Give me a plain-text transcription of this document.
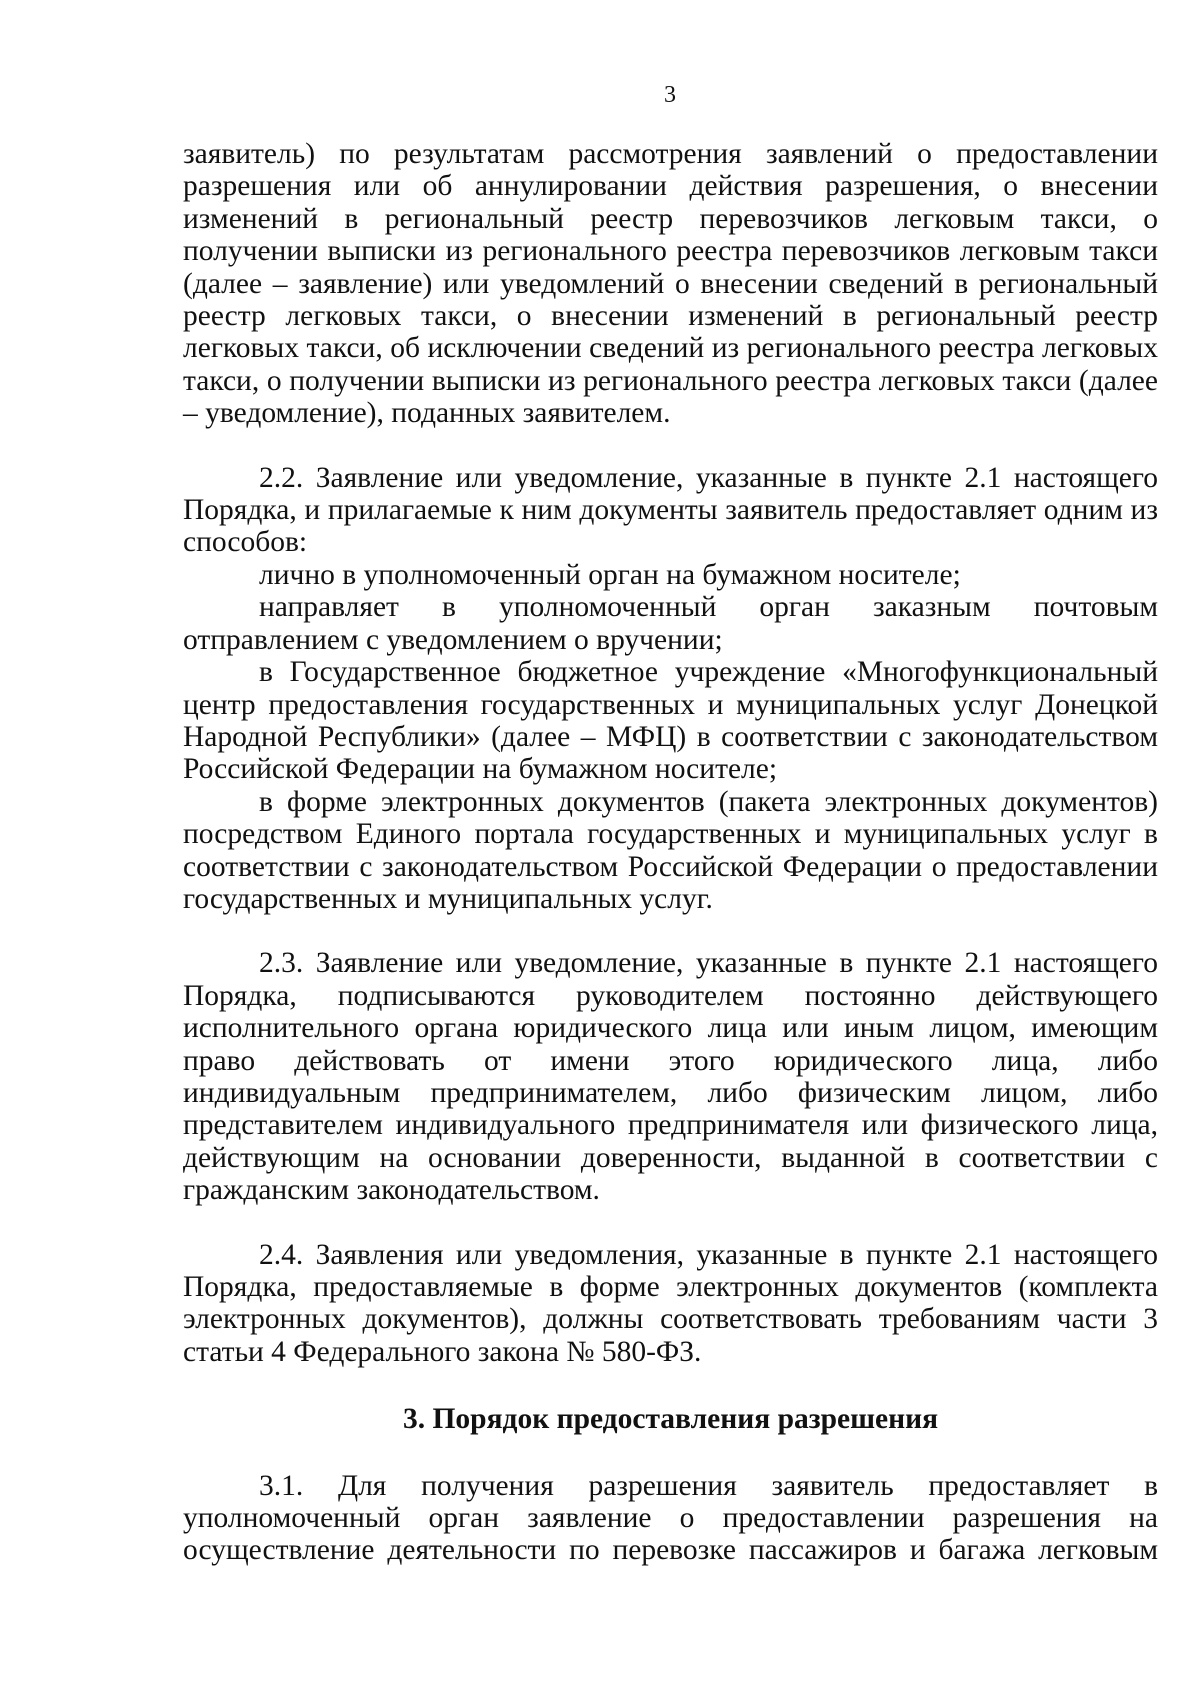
3

заявитель) по результатам рассмотрения заявлений о предоставлении разрешения или об аннулировании действия разрешения, о внесении изменений в региональный реестр перевозчиков легковым такси, о получении выписки из регионального реестра перевозчиков легковым такси (далее – заявление) или уведомлений о внесении сведений в региональный реестр легковых такси, о внесении изменений в региональный реестр легковых такси, об исключении сведений из регионального реестра легковых такси, о получении выписки из регионального реестра легковых такси (далее – уведомление), поданных заявителем.

2.2. Заявление или уведомление, указанные в пункте 2.1 настоящего Порядка, и прилагаемые к ним документы заявитель предоставляет одним из способов:

лично в уполномоченный орган на бумажном носителе;

направляет в уполномоченный орган заказным почтовым отправлением с уведомлением о вручении;

в Государственное бюджетное учреждение «Многофункциональный центр предоставления государственных и муниципальных услуг Донецкой Народной Республики» (далее – МФЦ) в соответствии с законодательством Российской Федерации на бумажном носителе;

в форме электронных документов (пакета электронных документов) посредством Единого портала государственных и муниципальных услуг в соответствии с законодательством Российской Федерации о предоставлении государственных и муниципальных услуг.

2.3. Заявление или уведомление, указанные в пункте 2.1 настоящего Порядка, подписываются руководителем постоянно действующего исполнительного органа юридического лица или иным лицом, имеющим право действовать от имени этого юридического лица, либо индивидуальным предпринимателем, либо физическим лицом, либо представителем индивидуального предпринимателя или физического лица, действующим на основании доверенности, выданной в соответствии с гражданским законодательством.

2.4. Заявления или уведомления, указанные в пункте 2.1 настоящего Порядка, предоставляемые в форме электронных документов (комплекта электронных документов), должны соответствовать требованиям части 3 статьи 4 Федерального закона № 580-ФЗ.

3. Порядок предоставления разрешения

3.1. Для получения разрешения заявитель предоставляет в уполномоченный орган заявление о предоставлении разрешения на осуществление деятельности по перевозке пассажиров и багажа легковым
